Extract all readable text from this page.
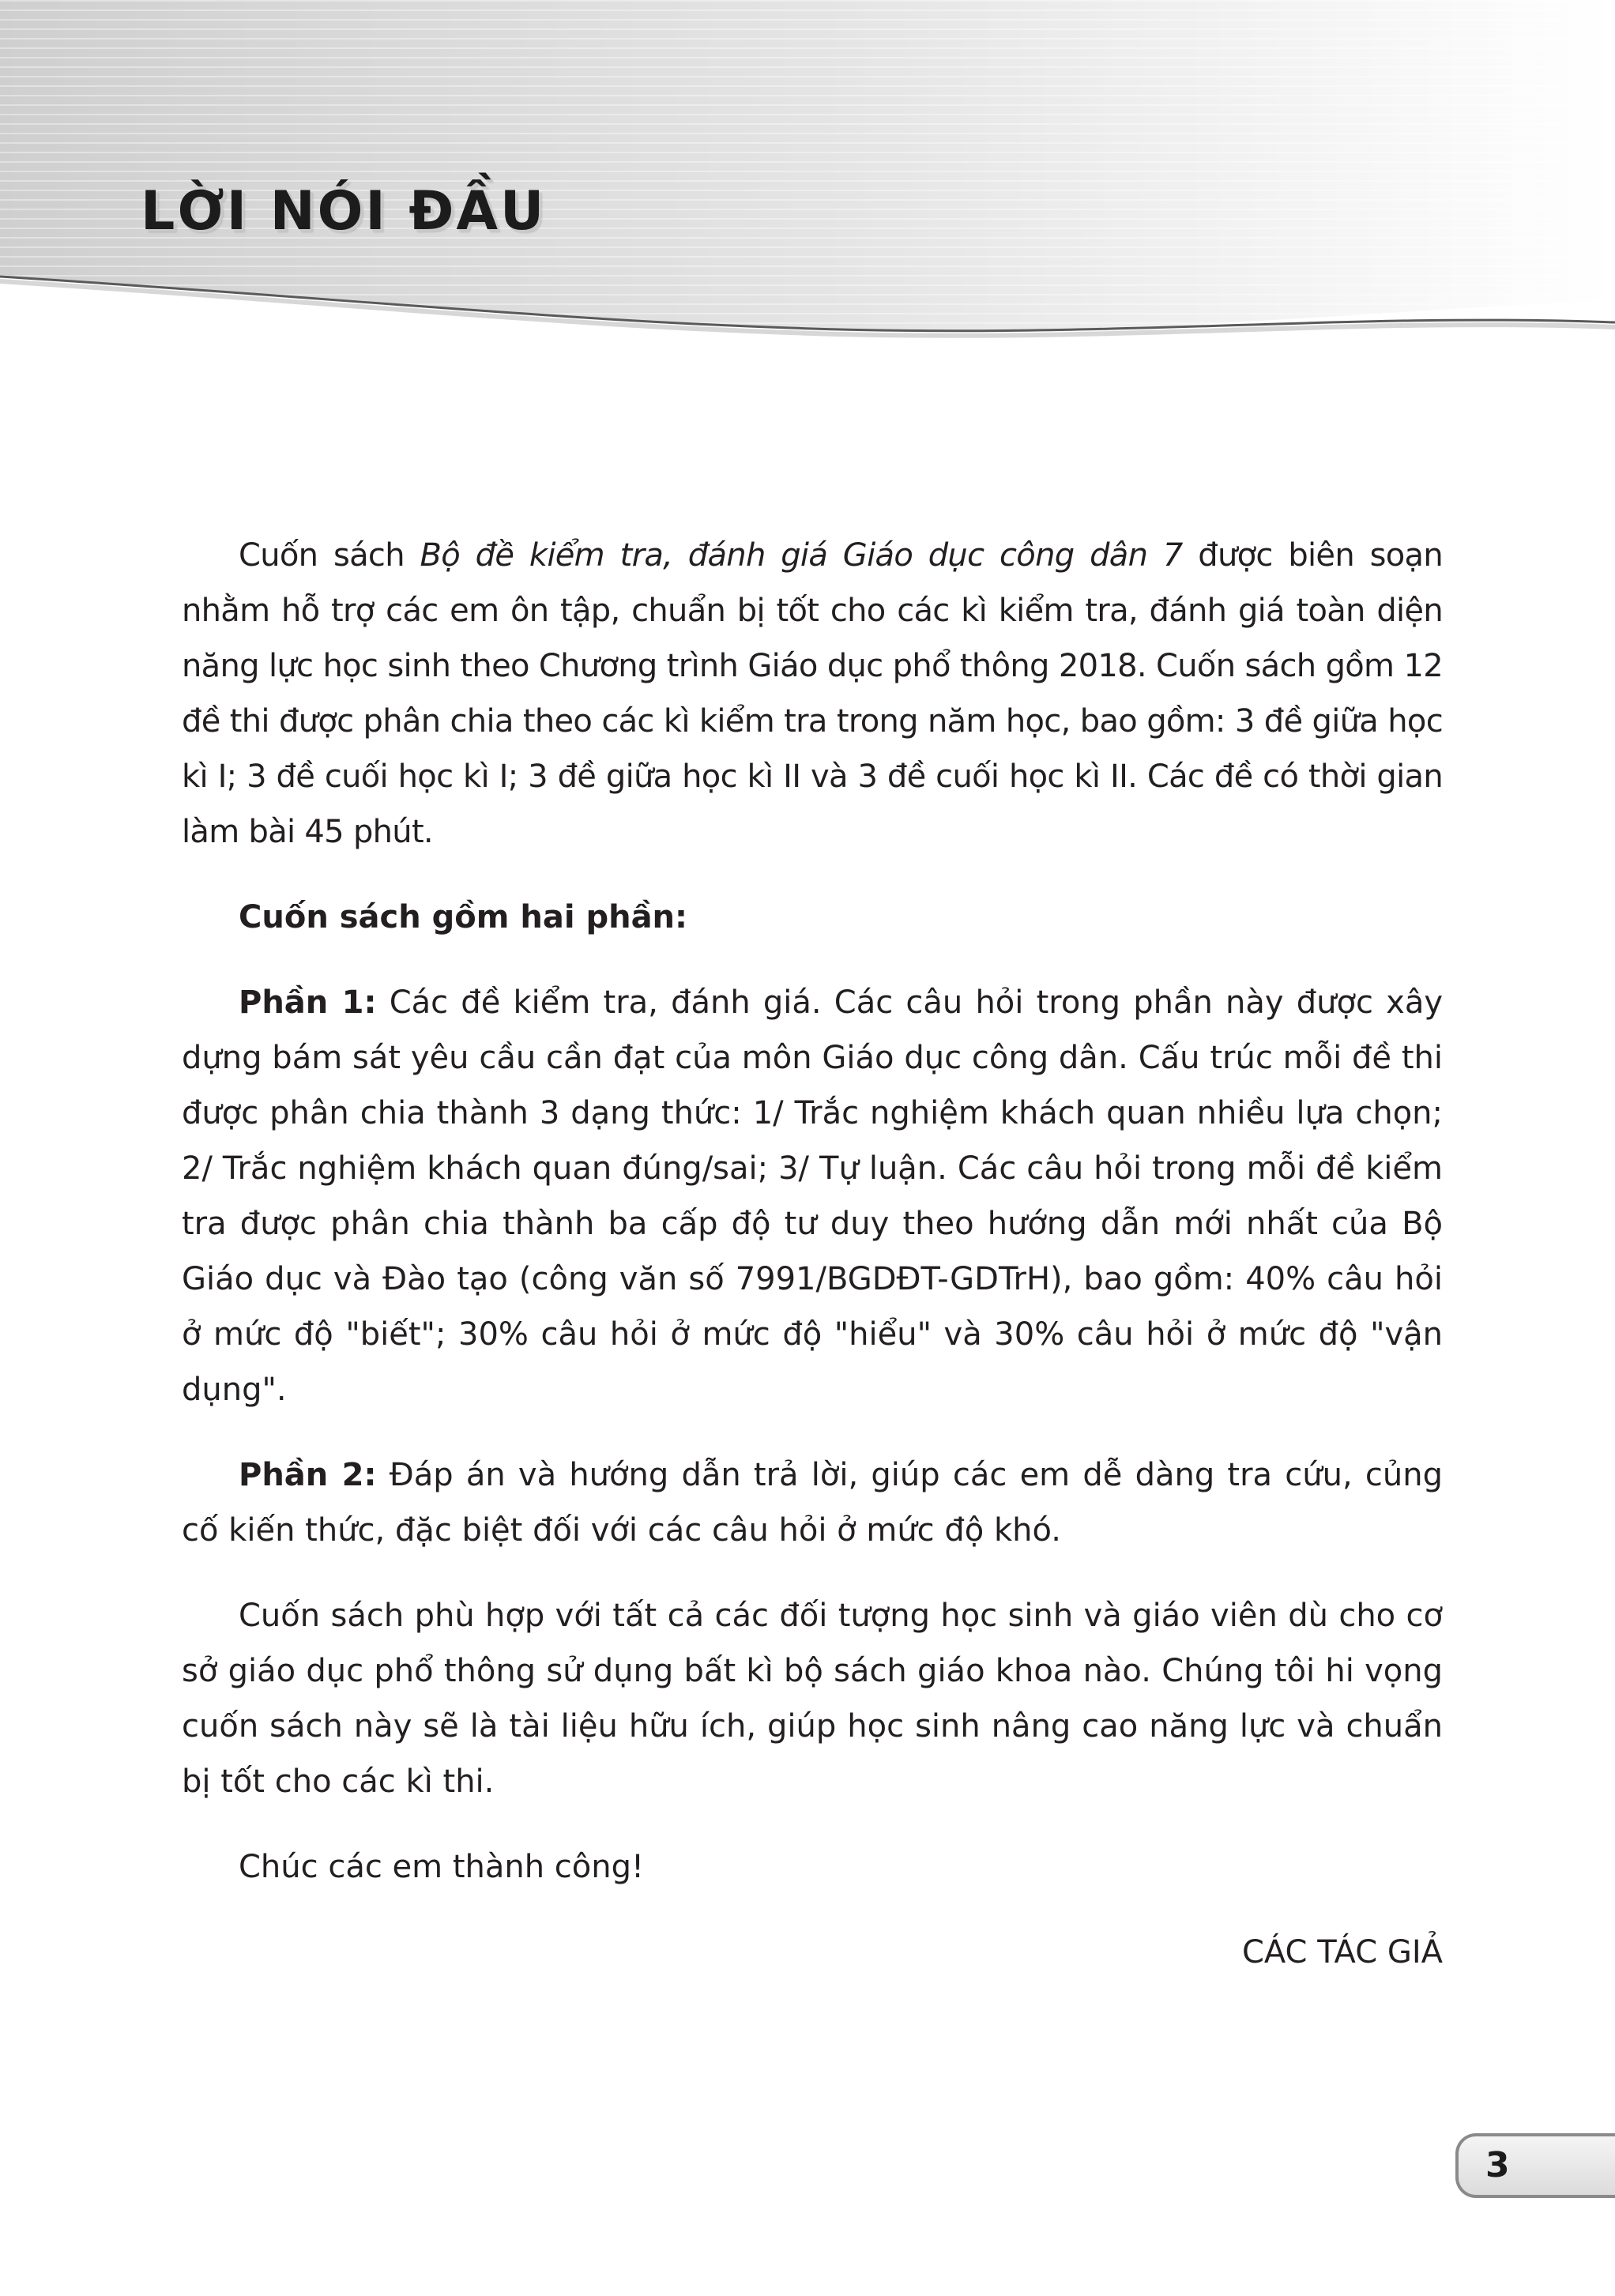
LỜI NÓI ĐẦU

Cuốn sách Bộ đề kiểm tra, đánh giá Giáo dục công dân 7 được biên soạn nhằm hỗ trợ các em ôn tập, chuẩn bị tốt cho các kì kiểm tra, đánh giá toàn diện năng lực học sinh theo Chương trình Giáo dục phổ thông 2018. Cuốn sách gồm 12 đề thi được phân chia theo các kì kiểm tra trong năm học, bao gồm: 3 đề giữa học kì I; 3 đề cuối học kì I; 3 đề giữa học kì II và 3 đề cuối học kì II. Các đề có thời gian làm bài 45 phút.

Cuốn sách gồm hai phần:

Phần 1: Các đề kiểm tra, đánh giá. Các câu hỏi trong phần này được xây dựng bám sát yêu cầu cần đạt của môn Giáo dục công dân. Cấu trúc mỗi đề thi được phân chia thành 3 dạng thức: 1/ Trắc nghiệm khách quan nhiều lựa chọn; 2/ Trắc nghiệm khách quan đúng/sai; 3/ Tự luận. Các câu hỏi trong mỗi đề kiểm tra được phân chia thành ba cấp độ tư duy theo hướng dẫn mới nhất của Bộ Giáo dục và Đào tạo (công văn số 7991/BGDĐT-GDTrH), bao gồm: 40% câu hỏi ở mức độ "biết"; 30% câu hỏi ở mức độ "hiểu" và 30% câu hỏi ở mức độ "vận dụng".

Phần 2: Đáp án và hướng dẫn trả lời, giúp các em dễ dàng tra cứu, củng cố kiến thức, đặc biệt đối với các câu hỏi ở mức độ khó.

Cuốn sách phù hợp với tất cả các đối tượng học sinh và giáo viên dù cho cơ sở giáo dục phổ thông sử dụng bất kì bộ sách giáo khoa nào. Chúng tôi hi vọng cuốn sách này sẽ là tài liệu hữu ích, giúp học sinh nâng cao năng lực và chuẩn bị tốt cho các kì thi.

Chúc các em thành công!

CÁC TÁC GIẢ

3
